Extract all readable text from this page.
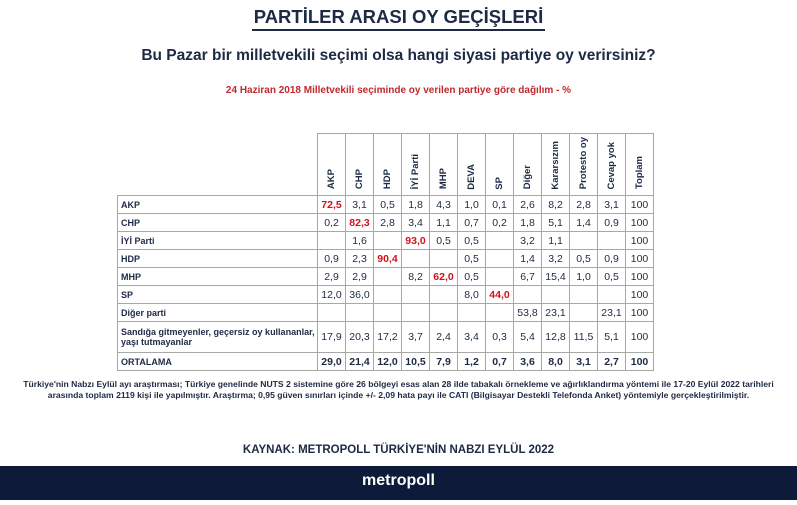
PARTİLER ARASI OY GEÇİŞLERİ
Bu Pazar bir milletvekili seçimi olsa hangi siyasi partiye oy verirsiniz?
24 Haziran 2018 Milletvekili seçiminde oy verilen partiye göre dağılım - %
	AKP	CHP	HDP	İYİ Parti	MHP	DEVA	SP	Diğer	Kararsızım	Protesto oy	Cevap yok	Toplam
AKP	72,5	3,1	0,5	1,8	4,3	1,0	0,1	2,6	8,2	2,8	3,1	100
CHP	0,2	82,3	2,8	3,4	1,1	0,7	0,2	1,8	5,1	1,4	0,9	100
İYİ Parti		1,6		93,0	0,5	0,5		3,2	1,1			100
HDP	0,9	2,3	90,4			0,5		1,4	3,2	0,5	0,9	100
MHP	2,9	2,9		8,2	62,0	0,5		6,7	15,4	1,0	0,5	100
SP	12,0	36,0				8,0	44,0					100
Diğer parti								53,8	23,1		23,1	100
Sandığa gitmeyenler, geçersiz oy kullananlar, yaşı tutmayanlar	17,9	20,3	17,2	3,7	2,4	3,4	0,3	5,4	12,8	11,5	5,1	100
ORTALAMA	29,0	21,4	12,0	10,5	7,9	1,2	0,7	3,6	8,0	3,1	2,7	100
Türkiye'nin Nabzı Eylül ayı araştırması; Türkiye genelinde NUTS 2 sistemine göre 26 bölgeyi esas alan 28 ilde tabakalı örnekleme ve ağırlıklandırma yöntemi ile 17-20 Eylül 2022 tarihleri arasında toplam 2119 kişi ile yapılmıştır. Araştırma; 0,95 güven sınırları içinde +/- 2,09 hata payı ile CATI (Bilgisayar Destekli Telefonda Anket) yöntemiyle gerçekleştirilmiştir.
KAYNAK: METROPOLL TÜRKİYE'NİN NABZI EYLÜL 2022
metropoll
